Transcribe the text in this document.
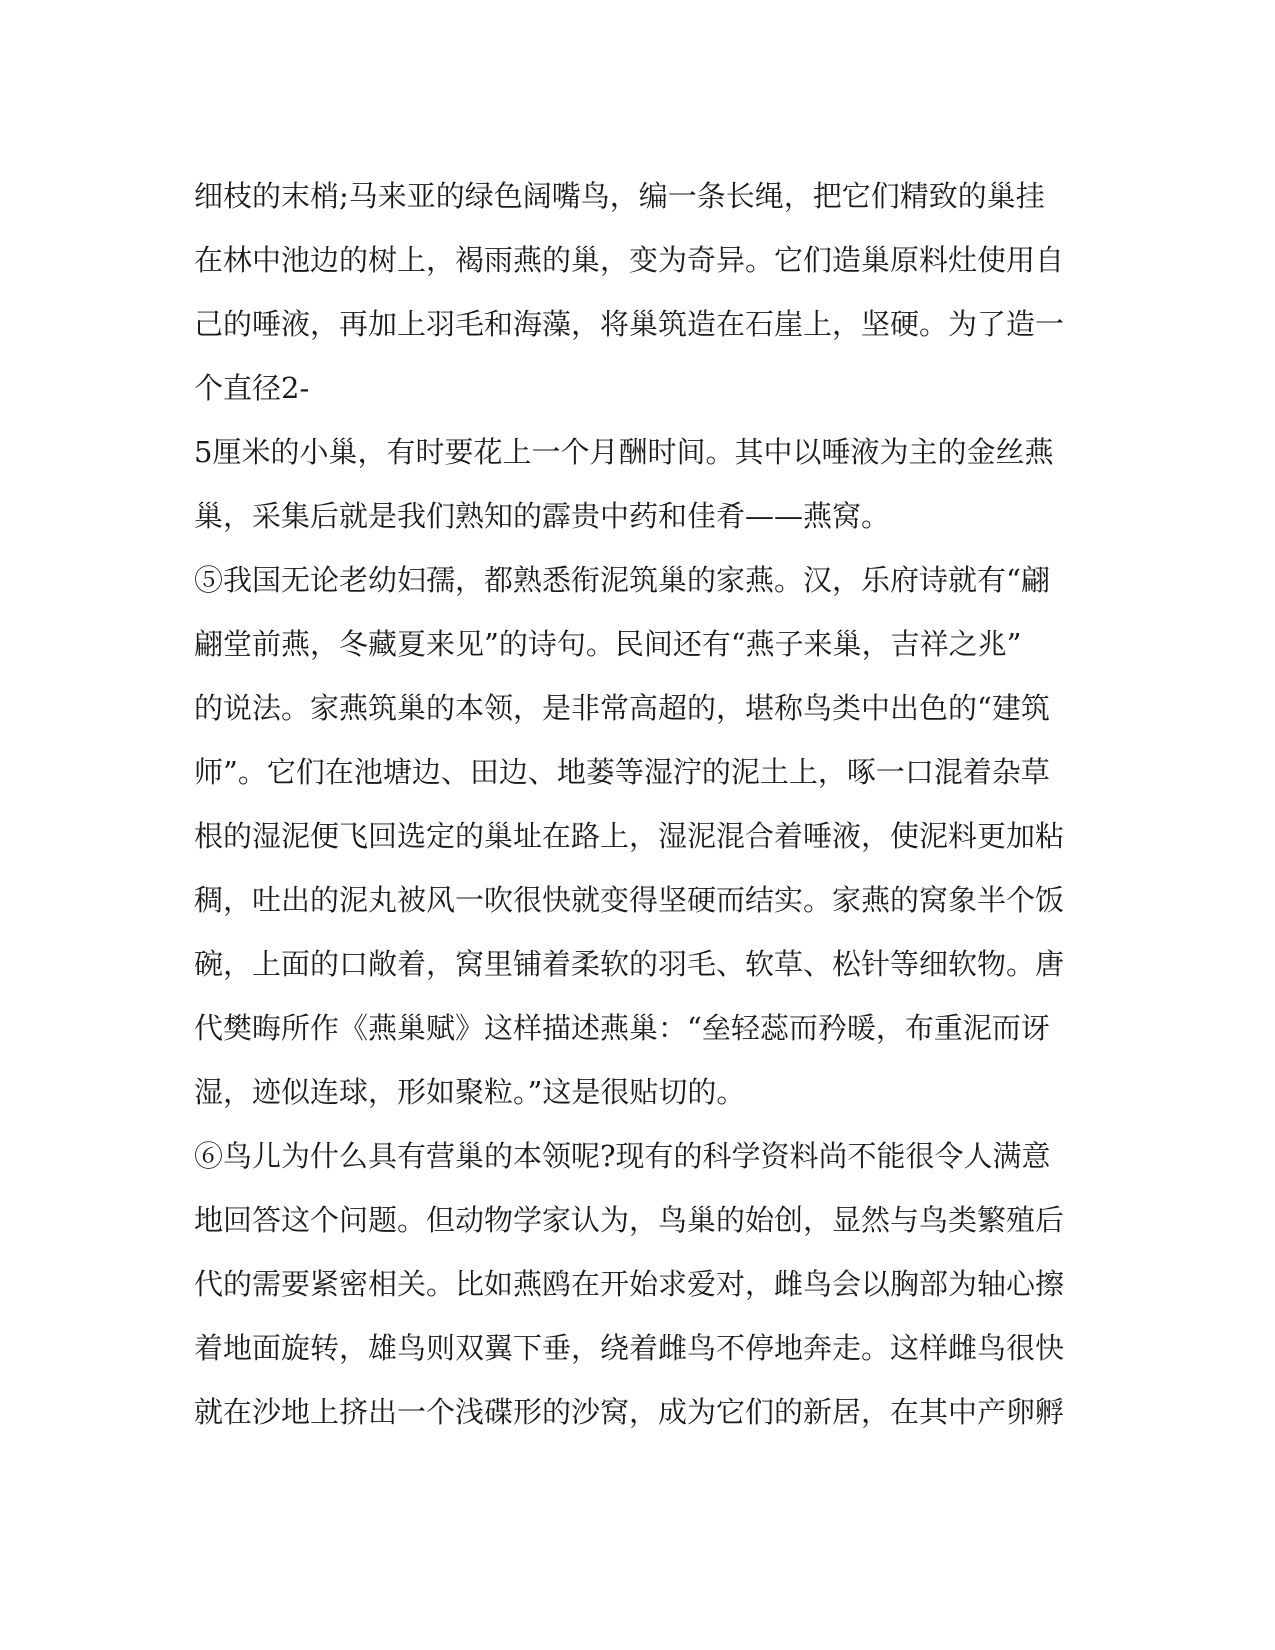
细枝的末梢;马来亚的绿色阔嘴鸟，编一条长绳，把它们精致的巢挂
在林中池边的树上，褐雨燕的巢，变为奇异。它们造巢原料灶使用自
己的唾液，再加上羽毛和海藻，将巢筑造在石崖上，坚硬。为了造一
个直径2-
5厘米的小巢，有时要花上一个月酬时间。其中以唾液为主的金丝燕
巢，采集后就是我们熟知的霹贵中药和佳肴——燕窝。
⑤我国无论老幼妇孺，都熟悉衔泥筑巢的家燕。汉，乐府诗就有“翩
翩堂前燕，冬藏夏来见”的诗句。民间还有“燕子来巢，吉祥之兆”
的说法。家燕筑巢的本领，是非常高超的，堪称鸟类中出色的“建筑
师”。它们在池塘边、田边、地蒌等湿泞的泥土上，啄一口混着杂草
根的湿泥便飞回选定的巢址在路上，湿泥混合着唾液，使泥料更加粘
稠，吐出的泥丸被风一吹很快就变得坚硬而结实。家燕的窝象半个饭
碗，上面的口敞着，窝里铺着柔软的羽毛、软草、松针等细软物。唐
代樊晦所作《燕巢赋》这样描述燕巢：“垒轻蕊而矜暖，布重泥而讶
湿，迹似连球，形如聚粒。”这是很贴切的。
⑥鸟儿为什么具有营巢的本领呢?现有的科学资料尚不能很令人满意
地回答这个问题。但动物学家认为，鸟巢的始创，显然与鸟类繁殖后
代的需要紧密相关。比如燕鸥在开始求爱对，雌鸟会以胸部为轴心擦
着地面旋转，雄鸟则双翼下垂，绕着雌鸟不停地奔走。这样雌鸟很快
就在沙地上挤出一个浅碟形的沙窝，成为它们的新居，在其中产卵孵
